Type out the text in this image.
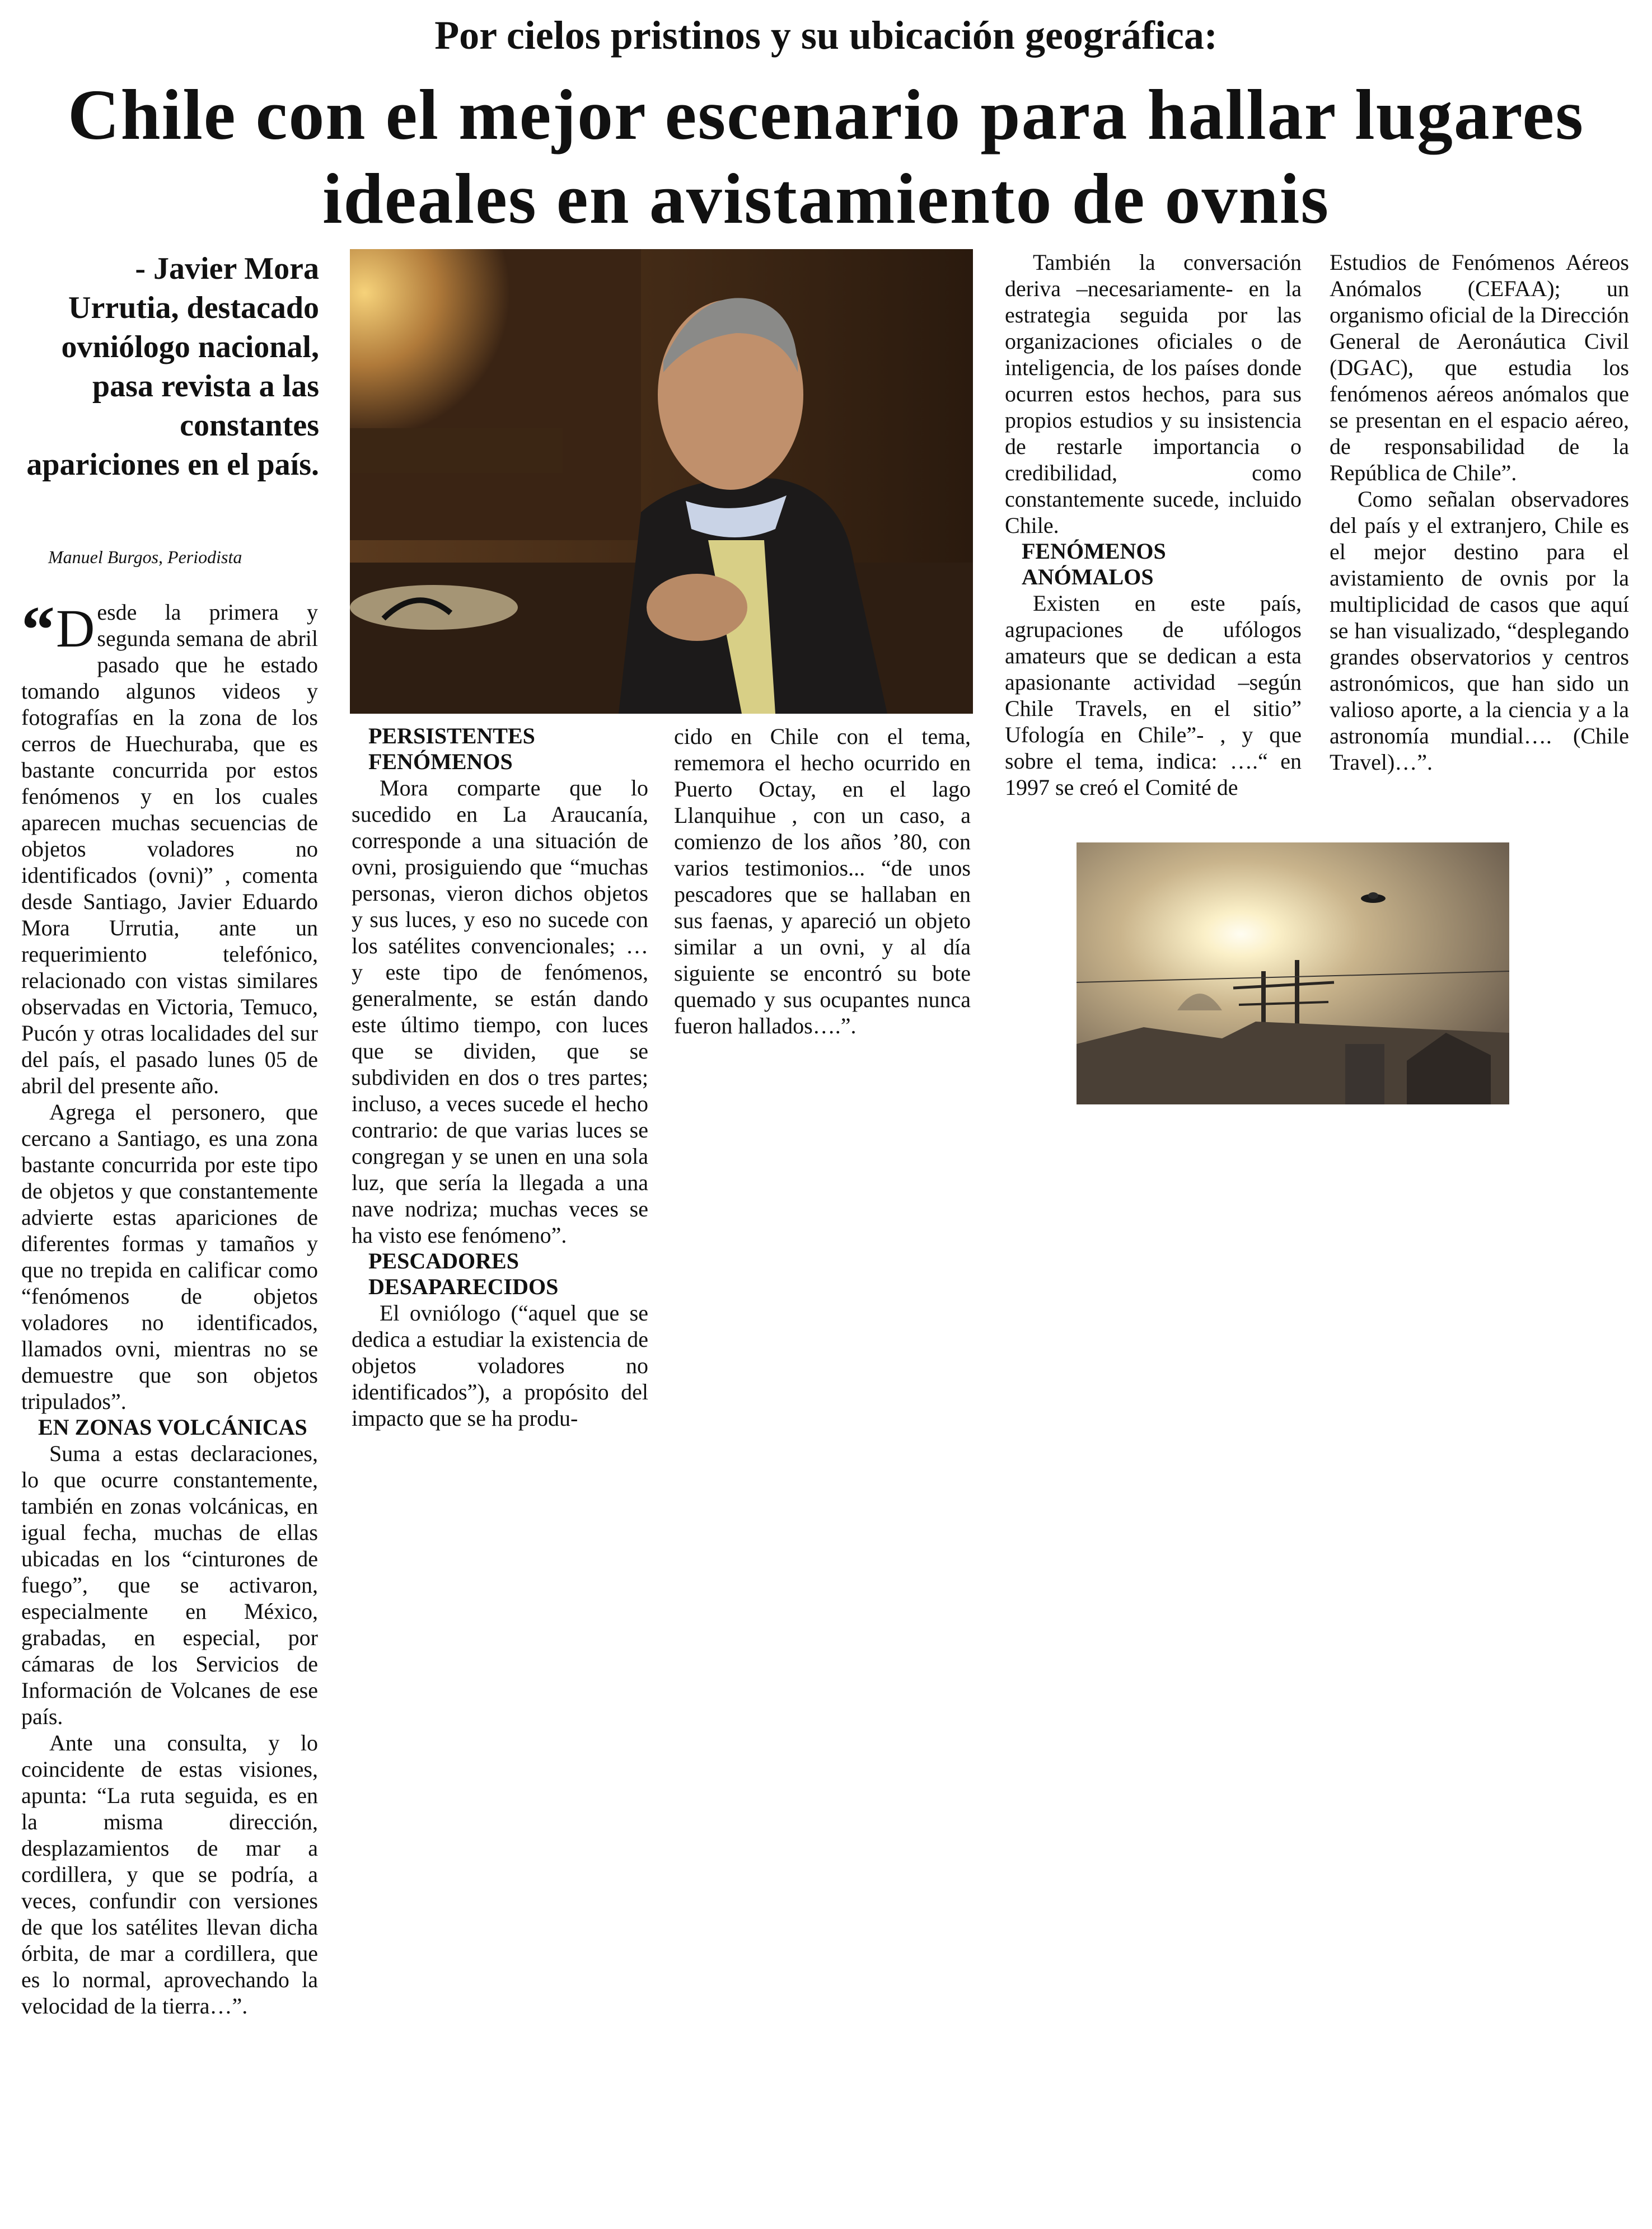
Por cielos pristinos y su ubicación geográfica:
Chile con el mejor escenario para hallar lugares ideales en avistamiento de ovnis
- Javier Mora Urrutia, destacado ovniólogo nacional, pasa revista a las constantes apariciones en el país.
Manuel Burgos, Periodista

“ D esde la primera y segunda semana de abril pasado que he estado tomando algunos videos y fotografías en la zona de los cerros de Huechuraba, que es bastante concurrida por estos fenómenos y en los cuales aparecen muchas secuencias de objetos voladores no identificados (ovni)” , comenta desde Santiago, Javier Eduardo Mora Urrutia, ante un requerimiento telefónico, relacionado con vistas similares observadas en Victoria, Temuco, Pucón y otras localidades del sur del país, el pasado lunes 05 de abril del presente año.

Agrega el personero, que cercano a Santiago, es una zona bastante concurrida por este tipo de objetos y que constantemente advierte estas apariciones de diferentes formas y tamaños y que no trepida en calificar como “fenómenos de objetos voladores no identificados, llamados ovni, mientras no se demuestre que son objetos tripulados”.

EN ZONAS VOLCÁNICAS

Suma a estas declaraciones, lo que ocurre constantemente, también en zonas volcánicas, en igual fecha, muchas de ellas ubicadas en los “cinturones de fuego”, que se activaron, especialmente en México, grabadas, en especial, por cámaras de los Servicios de Información de Volcanes de ese país.

Ante una consulta, y lo coincidente de estas visiones, apunta: “La ruta seguida, es en la misma dirección, desplazamientos de mar a cordillera, y que se podría, a veces, confundir con versiones de que los satélites llevan dicha órbita, de mar a cordillera, que es lo normal, aprovechando la velocidad de la tierra…”.

PERSISTENTES FENÓMENOS

Mora comparte que lo sucedido en La Araucanía, corresponde a una situación de ovni, prosiguiendo que “muchas personas, vieron dichos objetos y sus luces, y eso no sucede con los satélites convencionales; … y este tipo de fenómenos, generalmente, se están dando este último tiempo, con luces que se dividen, que se subdividen en dos o tres partes; incluso, a veces sucede el hecho contrario: de que varias luces se congregan y se unen en una sola luz, que sería la llegada a una nave nodriza; muchas veces se ha visto ese fenómeno”.

PESCADORES DESAPARECIDOS

El ovniólogo (“aquel que se dedica a estudiar la existencia de objetos voladores no identificados”), a propósito del impacto que se ha produ-

cido en Chile con el tema, rememora el hecho ocurrido en Puerto Octay, en el lago Llanquihue , con un caso, a comienzo de los años ’80, con varios testimonios... “de unos pescadores que se hallaban en sus faenas, y apareció un objeto similar a un ovni, y al día siguiente se encontró su bote quemado y sus ocupantes nunca fueron hallados….”.

También la conversación deriva –necesariamente- en la estrategia seguida por las organizaciones oficiales o de inteligencia, de los países donde ocurren estos hechos, para sus propios estudios y su insistencia de restarle importancia o credibilidad, como constantemente sucede, incluido Chile.

FENÓMENOS ANÓMALOS

Existen en este país, agrupaciones de ufólogos amateurs que se dedican a esta apasionante actividad –según Chile Travels, en el sitio” Ufología en Chile”- , y que sobre el tema, indica: ….“ en 1997 se creó el Comité de

Estudios de Fenómenos Aéreos Anómalos (CEFAA); un organismo oficial de la Dirección General de Aeronáutica Civil (DGAC), que estudia los fenómenos aéreos anómalos que se presentan en el espacio aéreo, de responsabilidad de la República de Chile”.

Como señalan observadores del país y el extranjero, Chile es el mejor destino para el avistamiento de ovnis por la multiplicidad de casos que aquí se han visualizado, “desplegando grandes observatorios y centros astronómicos, que han sido un valioso aporte, a la ciencia y a la astronomía mundial…. (Chile Travel)…”.
